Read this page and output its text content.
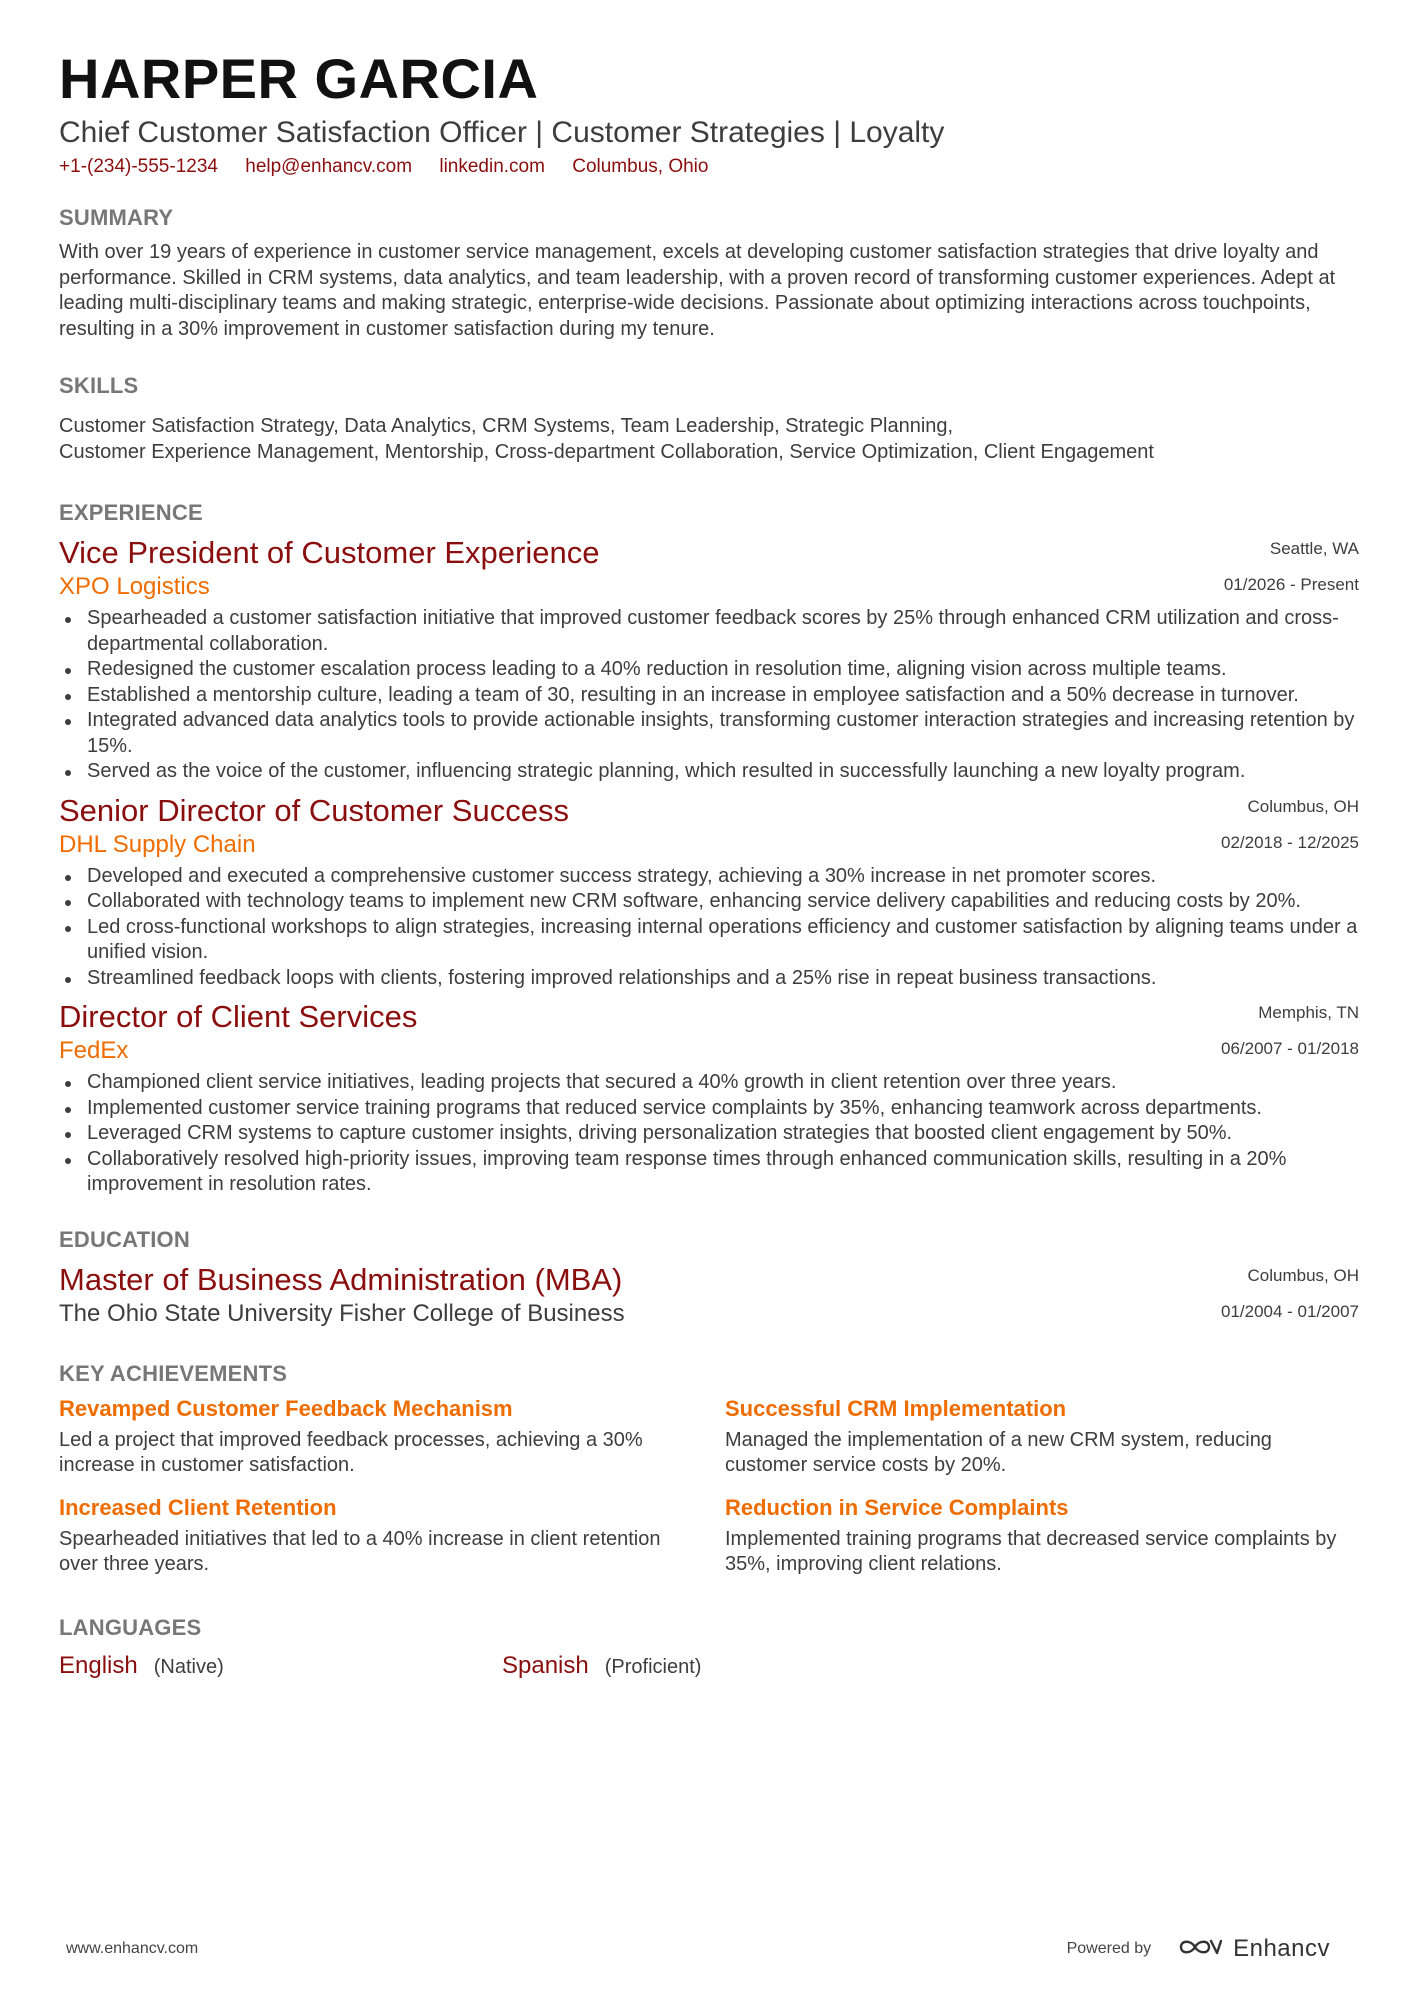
HARPER GARCIA
Chief Customer Satisfaction Officer | Customer Strategies | Loyalty
+1-(234)-555-1234 help@enhancv.com linkedin.com Columbus, Ohio
SUMMARY

With over 19 years of experience in customer service management, excels at developing customer satisfaction strategies that drive loyalty and performance. Skilled in CRM systems, data analytics, and team leadership, with a proven record of transforming customer experiences. Adept at leading multi-disciplinary teams and making strategic, enterprise-wide decisions. Passionate about optimizing interactions across touchpoints, resulting in a 30% improvement in customer satisfaction during my tenure.

SKILLS
Customer Satisfaction Strategy, Data Analytics, CRM Systems, Team Leadership, Strategic Planning,
Customer Experience Management, Mentorship, Cross-department Collaboration, Service Optimization, Client Engagement
EXPERIENCE
Vice President of Customer Experience
XPO Logistics
Seattle, WA
01/2026 - Present
Spearheaded a customer satisfaction initiative that improved customer feedback scores by 25% through enhanced CRM utilization and cross-departmental collaboration.
Redesigned the customer escalation process leading to a 40% reduction in resolution time, aligning vision across multiple teams.
Established a mentorship culture, leading a team of 30, resulting in an increase in employee satisfaction and a 50% decrease in turnover.
Integrated advanced data analytics tools to provide actionable insights, transforming customer interaction strategies and increasing retention by 15%.
Served as the voice of the customer, influencing strategic planning, which resulted in successfully launching a new loyalty program.
Senior Director of Customer Success
DHL Supply Chain
Columbus, OH
02/2018 - 12/2025
Developed and executed a comprehensive customer success strategy, achieving a 30% increase in net promoter scores.
Collaborated with technology teams to implement new CRM software, enhancing service delivery capabilities and reducing costs by 20%.
Led cross-functional workshops to align strategies, increasing internal operations efficiency and customer satisfaction by aligning teams under a unified vision.
Streamlined feedback loops with clients, fostering improved relationships and a 25% rise in repeat business transactions.
Director of Client Services
FedEx
Memphis, TN
06/2007 - 01/2018
Championed client service initiatives, leading projects that secured a 40% growth in client retention over three years.
Implemented customer service training programs that reduced service complaints by 35%, enhancing teamwork across departments.
Leveraged CRM systems to capture customer insights, driving personalization strategies that boosted client engagement by 50%.
Collaboratively resolved high-priority issues, improving team response times through enhanced communication skills, resulting in a 20% improvement in resolution rates.
EDUCATION
Master of Business Administration (MBA)
The Ohio State University Fisher College of Business
Columbus, OH
01/2004 - 01/2007
KEY ACHIEVEMENTS
Revamped Customer Feedback Mechanism
Led a project that improved feedback processes, achieving a 30% increase in customer satisfaction.
Successful CRM Implementation
Managed the implementation of a new CRM system, reducing customer service costs by 20%.
Increased Client Retention
Spearheaded initiatives that led to a 40% increase in client retention over three years.
Reduction in Service Complaints
Implemented training programs that decreased service complaints by 35%, improving client relations.
LANGUAGES
English (Native)	Spanish (Proficient)
www.enhancv.com	Powered by	Enhancv
